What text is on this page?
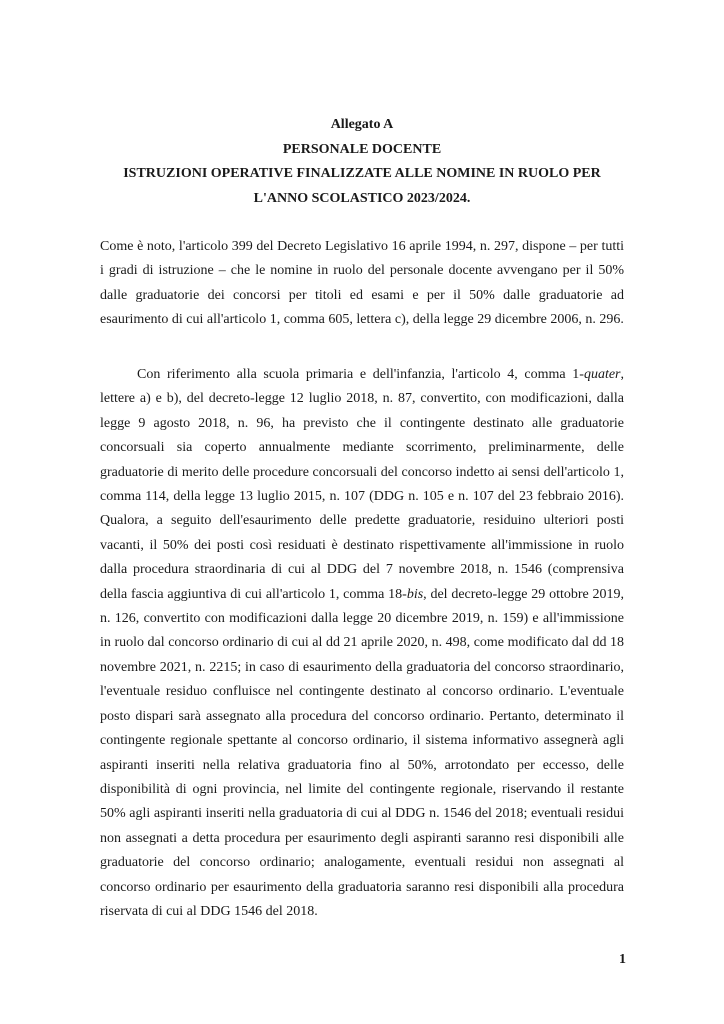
Allegato A
PERSONALE DOCENTE
ISTRUZIONI OPERATIVE FINALIZZATE ALLE NOMINE IN RUOLO PER
L'ANNO SCOLASTICO 2023/2024.

Come è noto, l'articolo 399 del Decreto Legislativo 16 aprile 1994, n. 297, dispone – per tutti i gradi di istruzione – che le nomine in ruolo del personale docente avvengano per il 50% dalle graduatorie dei concorsi per titoli ed esami e per il 50% dalle graduatorie ad esaurimento di cui all'articolo 1, comma 605, lettera c), della legge 29 dicembre 2006, n. 296.

Con riferimento alla scuola primaria e dell'infanzia, l'articolo 4, comma 1-quater, lettere a) e b), del decreto-legge 12 luglio 2018, n. 87, convertito, con modificazioni, dalla legge 9 agosto 2018, n. 96, ha previsto che il contingente destinato alle graduatorie concorsuali sia coperto annualmente mediante scorrimento, preliminarmente, delle graduatorie di merito delle procedure concorsuali del concorso indetto ai sensi dell'articolo 1, comma 114, della legge 13 luglio 2015, n. 107 (DDG n. 105 e n. 107 del 23 febbraio 2016). Qualora, a seguito dell'esaurimento delle predette graduatorie, residuino ulteriori posti vacanti, il 50% dei posti così residuati è destinato rispettivamente all'immissione in ruolo dalla procedura straordinaria di cui al DDG del 7 novembre 2018, n. 1546 (comprensiva della fascia aggiuntiva di cui all'articolo 1, comma 18-bis, del decreto-legge 29 ottobre 2019, n. 126, convertito con modificazioni dalla legge 20 dicembre 2019, n. 159) e all'immissione in ruolo dal concorso ordinario di cui al dd 21 aprile 2020, n. 498, come modificato dal dd 18 novembre 2021, n. 2215; in caso di esaurimento della graduatoria del concorso straordinario, l'eventuale residuo confluisce nel contingente destinato al concorso ordinario. L'eventuale posto dispari sarà assegnato alla procedura del concorso ordinario. Pertanto, determinato il contingente regionale spettante al concorso ordinario, il sistema informativo assegnerà agli aspiranti inseriti nella relativa graduatoria fino al 50%, arrotondato per eccesso, delle disponibilità di ogni provincia, nel limite del contingente regionale, riservando il restante 50% agli aspiranti inseriti nella graduatoria di cui al DDG n. 1546 del 2018; eventuali residui non assegnati a detta procedura per esaurimento degli aspiranti saranno resi disponibili alle graduatorie del concorso ordinario; analogamente, eventuali residui non assegnati al concorso ordinario per esaurimento della graduatoria saranno resi disponibili alla procedura riservata di cui al DDG 1546 del 2018.

1
